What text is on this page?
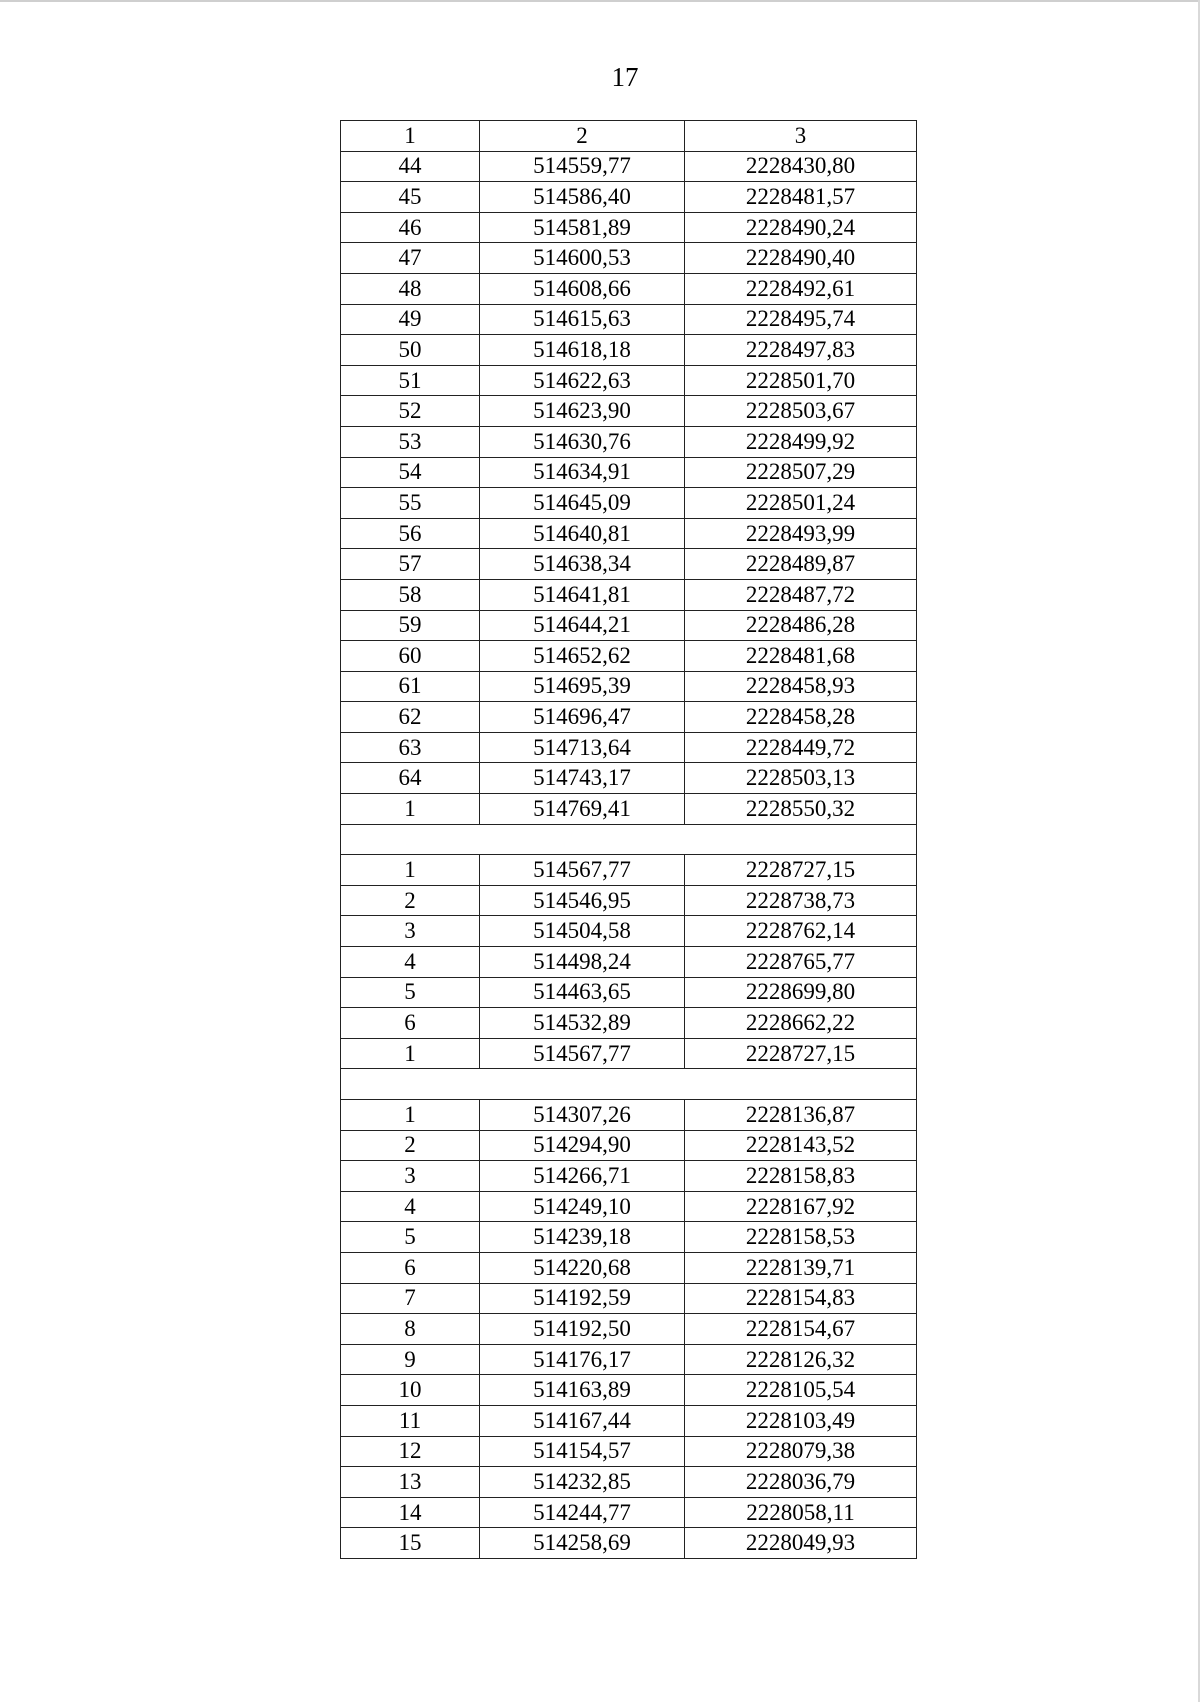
17
1	2	3
44	514559,77	2228430,80
45	514586,40	2228481,57
46	514581,89	2228490,24
47	514600,53	2228490,40
48	514608,66	2228492,61
49	514615,63	2228495,74
50	514618,18	2228497,83
51	514622,63	2228501,70
52	514623,90	2228503,67
53	514630,76	2228499,92
54	514634,91	2228507,29
55	514645,09	2228501,24
56	514640,81	2228493,99
57	514638,34	2228489,87
58	514641,81	2228487,72
59	514644,21	2228486,28
60	514652,62	2228481,68
61	514695,39	2228458,93
62	514696,47	2228458,28
63	514713,64	2228449,72
64	514743,17	2228503,13
1	514769,41	2228550,32

1	514567,77	2228727,15
2	514546,95	2228738,73
3	514504,58	2228762,14
4	514498,24	2228765,77
5	514463,65	2228699,80
6	514532,89	2228662,22
1	514567,77	2228727,15

1	514307,26	2228136,87
2	514294,90	2228143,52
3	514266,71	2228158,83
4	514249,10	2228167,92
5	514239,18	2228158,53
6	514220,68	2228139,71
7	514192,59	2228154,83
8	514192,50	2228154,67
9	514176,17	2228126,32
10	514163,89	2228105,54
11	514167,44	2228103,49
12	514154,57	2228079,38
13	514232,85	2228036,79
14	514244,77	2228058,11
15	514258,69	2228049,93
